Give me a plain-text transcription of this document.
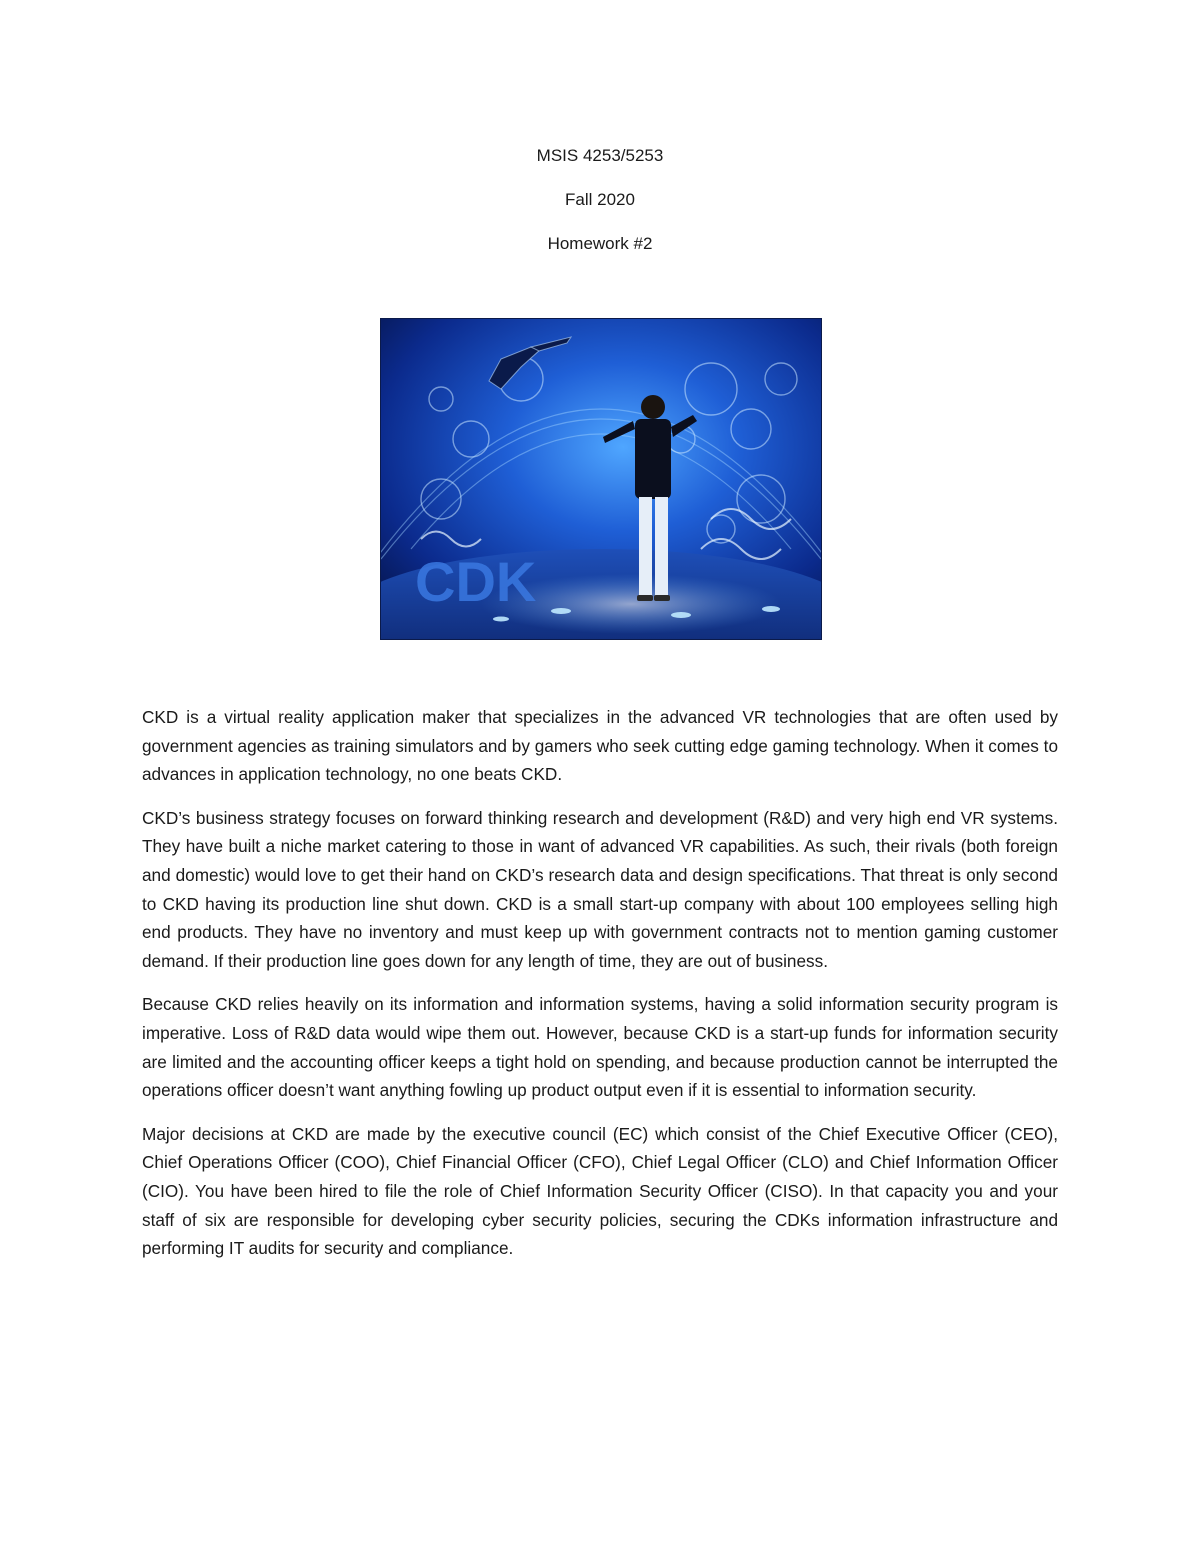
MSIS 4253/5253
Fall 2020
Homework #2
CDK

CKD is a virtual reality application maker that specializes in the advanced VR technologies that are often used by government agencies as training simulators and by gamers who seek cutting edge gaming technology. When it comes to advances in application technology, no one beats CKD.

CKD’s business strategy focuses on forward thinking research and development (R&D) and very high end VR systems. They have built a niche market catering to those in want of advanced VR capabilities. As such, their rivals (both foreign and domestic) would love to get their hand on CKD’s research data and design specifications. That threat is only second to CKD having its production line shut down. CKD is a small start-up company with about 100 employees selling high end products. They have no inventory and must keep up with government contracts not to mention gaming customer demand. If their production line goes down for any length of time, they are out of business.

Because CKD relies heavily on its information and information systems, having a solid information security program is imperative. Loss of R&D data would wipe them out. However, because CKD is a start-up funds for information security are limited and the accounting officer keeps a tight hold on spending, and because production cannot be interrupted the operations officer doesn’t want anything fowling up product output even if it is essential to information security.

Major decisions at CKD are made by the executive council (EC) which consist of the Chief Executive Officer (CEO), Chief Operations Officer (COO), Chief Financial Officer (CFO), Chief Legal Officer (CLO) and Chief Information Officer (CIO). You have been hired to file the role of Chief Information Security Officer (CISO). In that capacity you and your staff of six are responsible for developing cyber security policies, securing the CDKs information infrastructure and performing IT audits for security and compliance.
